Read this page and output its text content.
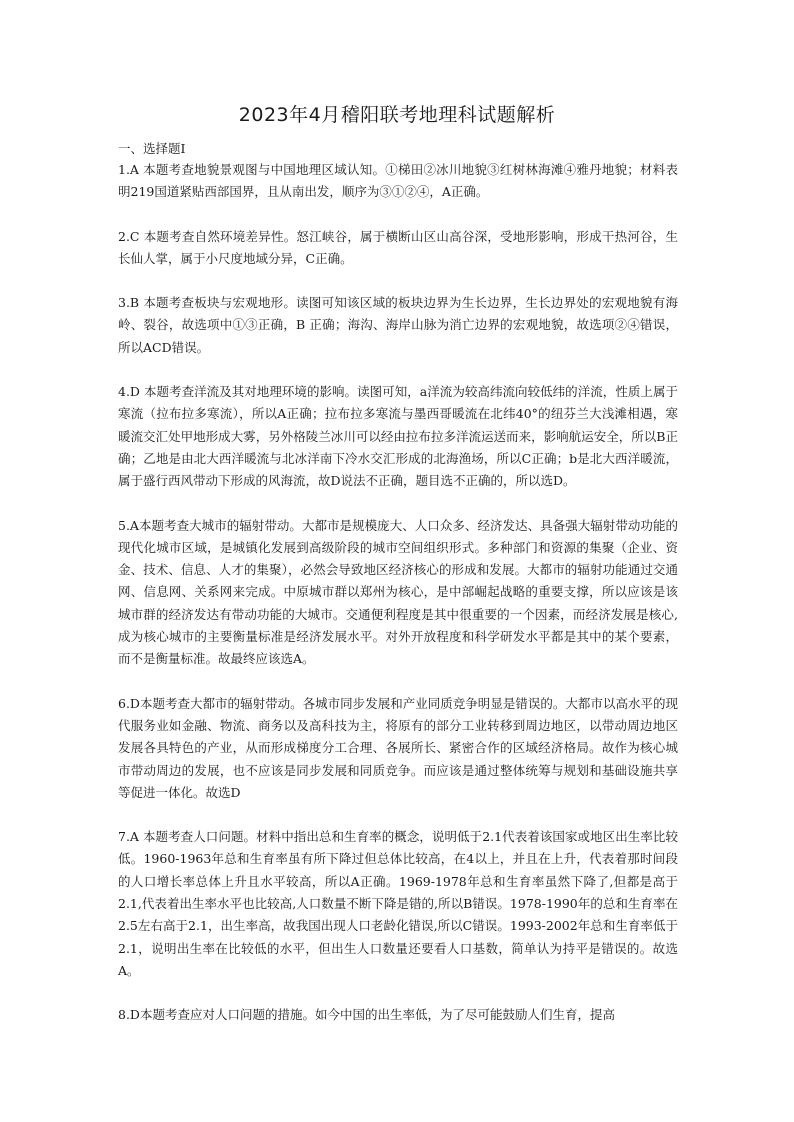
2023年4月稽阳联考地理科试题解析

一、选择题Ⅰ

1.A 本题考查地貌景观图与中国地理区域认知。①梯田②冰川地貌③红树林海滩④雅丹地貌；材料表明219国道紧贴西部国界，且从南出发，顺序为③①②④，A正确。

2.C 本题考查自然环境差异性。怒江峡谷，属于横断山区山高谷深，受地形影响，形成干热河谷，生长仙人掌，属于小尺度地域分异，C正确。

3.B 本题考查板块与宏观地形。读图可知该区域的板块边界为生长边界，生长边界处的宏观地貌有海岭、裂谷，故选项中①③正确，B 正确；海沟、海岸山脉为消亡边界的宏观地貌，故选项②④错误，所以ACD错误。

4.D 本题考查洋流及其对地理环境的影响。读图可知，a洋流为较高纬流向较低纬的洋流，性质上属于寒流（拉布拉多寒流），所以A正确；拉布拉多寒流与墨西哥暖流在北纬40°的纽芬兰大浅滩相遇，寒暖流交汇处甲地形成大雾，另外格陵兰冰川可以经由拉布拉多洋流运送而来，影响航运安全，所以B正确；乙地是由北大西洋暖流与北冰洋南下冷水交汇形成的北海渔场，所以C正确；b是北大西洋暖流，属于盛行西风带动下形成的风海流，故D说法不正确，题目选不正确的，所以选D。

5.A本题考查大城市的辐射带动。大都市是规模庞大、人口众多、经济发达、具备强大辐射带动功能的现代化城市区域，是城镇化发展到高级阶段的城市空间组织形式。多种部门和资源的集聚（企业、资金、技术、信息、人才的集聚），必然会导致地区经济核心的形成和发展。大都市的辐射功能通过交通网、信息网、关系网来完成。中原城市群以郑州为核心，是中部崛起战略的重要支撑，所以应该是该城市群的经济发达有带动功能的大城市。交通便利程度是其中很重要的一个因素，而经济发展是核心,成为核心城市的主要衡量标准是经济发展水平。对外开放程度和科学研发水平都是其中的某个要素，而不是衡量标准。故最终应该选A。

6.D本题考查大都市的辐射带动。各城市同步发展和产业同质竞争明显是错误的。大都市以高水平的现代服务业如金融、物流、商务以及高科技为主，将原有的部分工业转移到周边地区，以带动周边地区发展各具特色的产业，从而形成梯度分工合理、各展所长、紧密合作的区域经济格局。故作为核心城市带动周边的发展，也不应该是同步发展和同质竞争。而应该是通过整体统筹与规划和基础设施共享等促进一体化。故选D

7.A 本题考查人口问题。材料中指出总和生育率的概念，说明低于2.1代表着该国家或地区出生率比较低。1960-1963年总和生育率虽有所下降过但总体比较高，在4以上，并且在上升，代表着那时间段的人口增长率总体上升且水平较高，所以A正确。1969-1978年总和生育率虽然下降了,但都是高于2.1,代表着出生率水平也比较高,人口数量不断下降是错的,所以B错误。1978-1990年的总和生育率在2.5左右高于2.1，出生率高，故我国出现人口老龄化错误,所以C错误。1993-2002年总和生育率低于2.1，说明出生率在比较低的水平，但出生人口数量还要看人口基数，简单认为持平是错误的。故选A。

8.D本题考查应对人口问题的措施。如今中国的出生率低，为了尽可能鼓励人们生育，提高
